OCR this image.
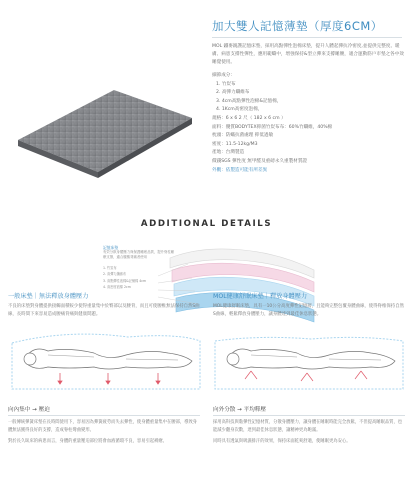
加大雙人記憶薄墊（厚度6CM）
MOL 鐵麥親護記憶床墊，採用高點彈性泡棉床墊，提升人體起彈抗冷密度,並提供完整度、暖膚、病患支撐性彈性，應用範疇中，增強保持&型立彈來支撐睡腰，適合運動筋戶市墊之各中效睡覺使用。
細節成分：
1. 竹炭布
2. 高彈力纖維布
3. 4cm高點彈性泡棉&記憶棉，
4. 1Kcm高密度泡棉，
規格：6 x 6 2 尺（ 182 x 6 cm ）
面料：優質BODYTEX抑菌竹炭布布：60%竹纖維，40%棉
枕頭：防蟎抗菌處理 抑低過敏
密度：11.5-12kg/M3
產地：台灣製造
價錢SGS 彈性度 無甲醛及重磅永久重製材質證
外觀：依製造可能有所差異
ADDITIONAL DETAILS
記憶床墊
有效分散身體壓力與保護睡眠品質，提升脊柱睡眠支撐，適合腰酸背痛者使用
1. 竹炭布
2. 高彈力纖維布
3. 高點彈性泡棉&記憶棉 4cm
4. 高密度泡棉 2cm
一般床墊｜無法釋放身體壓力
不良的床墊對身體提供接觸面積較少使得重量集中於臀部以及腰背，而且可使腰椎無法保持自然S曲線，長時間下來容易造成腰痛背痛與健康問題。
向內集中 → 壓迫

一般傳統彈簧床墊在長時間使用下，容易因為彈簧疲勞而失去彈性，使身體重量集中在腰部，導致身體無法獲得良好的支撐，造成脊柱彎曲變形。

對於長久臥床的病患而言，身體的重量壓迫部位將會血液循環不良，容易引起褥瘡。

MOL健康舒眠床墊｜釋放身體壓力
MOL健康舒眠床墊，具有一10公分高度彈性記憶層，且能夠完整包覆身體曲線，使得脊椎保持自然S曲線，輕鬆釋放身體壓力，讓身體達到最佳休息狀態。
向外分散 → 平均釋壓

採用高科技與黏彈性記憶材質，分散身體壓力，讓身體在睡眠時能完全放鬆，不但提高睡眠品質，也能減少翻身次數，達到最佳休息狀態，讓精神更為飽滿。

同時具有透氣與吸濕排汗的效果，保持床面乾爽舒適，使睡眠更為安心。
